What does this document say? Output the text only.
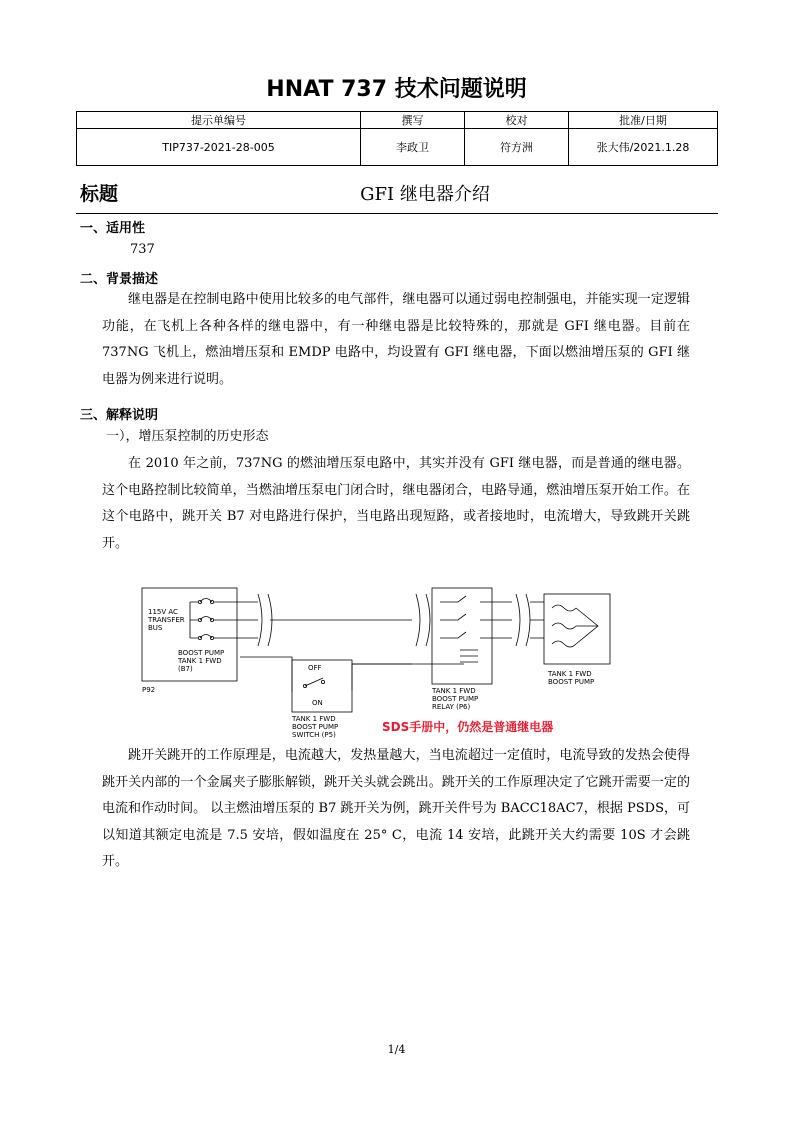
HNAT 737 技术问题说明
提示单编号	撰写	校对	批准/日期
TIP737-2021-28-005	李政卫	符方洲	张大伟/2021.1.28
标题	GFI 继电器介绍
一、适用性
737
二、背景描述
继电器是在控制电路中使用比较多的电气部件，继电器可以通过弱电控制强电，并能实现一定逻辑功能，在飞机上各种各样的继电器中，有一种继电器是比较特殊的，那就是 GFI 继电器。目前在 737NG 飞机上，燃油增压泵和 EMDP 电路中，均设置有 GFI 继电器，下面以燃油增压泵的 GFI 继电器为例来进行说明。
三、解释说明
一），增压泵控制的历史形态
在 2010 年之前，737NG 的燃油增压泵电路中，其实并没有 GFI 继电器，而是普通的继电器。这个电路控制比较简单，当燃油增压泵电门闭合时，继电器闭合，电路导通，燃油增压泵开始工作。在这个电路中，跳开关 B7 对电路进行保护，当电路出现短路，或者接地时，电流增大，导致跳开关跳开。
115V AC
TRANSFER
BUS
BOOST PUMP
TANK 1 FWD
(B7)
P92
OFF
ON
TANK 1 FWD
BOOST PUMP
SWITCH (P5)
TANK 1 FWD
BOOST PUMP
RELAY (P6)
TANK 1 FWD
BOOST PUMP
SDS手册中，仍然是普通继电器
跳开关跳开的工作原理是，电流越大，发热量越大，当电流超过一定值时，电流导致的发热会使得跳开关内部的一个金属夹子膨胀解锁，跳开关头就会跳出。跳开关的工作原理决定了它跳开需要一定的电流和作动时间。 以主燃油增压泵的 B7 跳开关为例，跳开关件号为 BACC18AC7，根据 PSDS，可以知道其额定电流是 7.5 安培，假如温度在 25° C，电流 14 安培，此跳开关大约需要 10S 才会跳开。
1/4
